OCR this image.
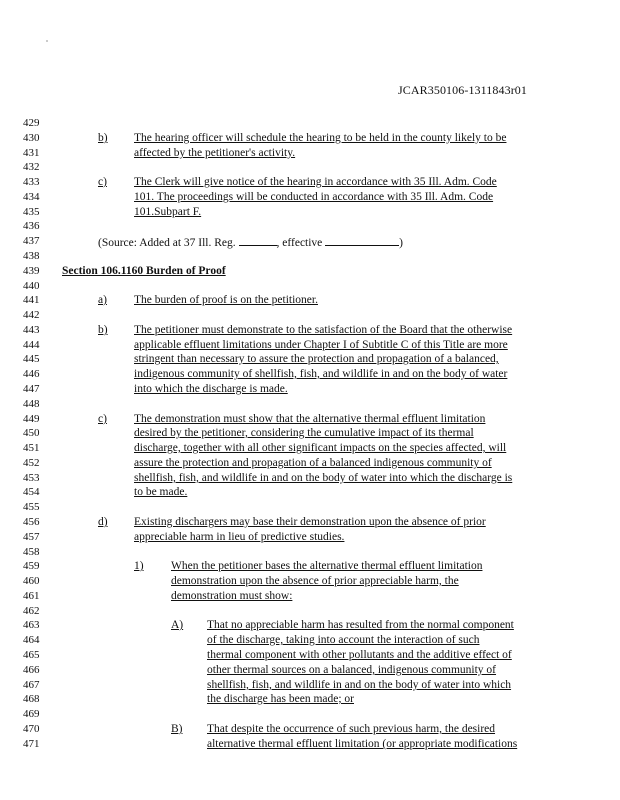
JCAR350106-1311843r01
429
430
431
432
433
434
435
436
437
438
439
440
441
442
443
444
445
446
447
448
449
450
451
452
453
454
455
456
457
458
459
460
461
462
463
464
465
466
467
468
469
470
471
b) The hearing officer will schedule the hearing to be held in the county likely to be
affected by the petitioner's activity.
c) The Clerk will give notice of the hearing in accordance with 35 Ill. Adm. Code
101. The proceedings will be conducted in accordance with 35 Ill. Adm. Code
101.Subpart F.
(Source: Added at 37 Ill. Reg.	, effective	)
Section 106.1160 Burden of Proof
a) The burden of proof is on the petitioner.
b) The petitioner must demonstrate to the satisfaction of the Board that the otherwise
applicable effluent limitations under Chapter I of Subtitle C of this Title are more
stringent than necessary to assure the protection and propagation of a balanced,
indigenous community of shellfish, fish, and wildlife in and on the body of water
into which the discharge is made.
c) The demonstration must show that the alternative thermal effluent limitation
desired by the petitioner, considering the cumulative impact of its thermal
discharge, together with all other significant impacts on the species affected, will
assure the protection and propagation of a balanced indigenous community of
shellfish, fish, and wildlife in and on the body of water into which the discharge is
to be made.
d) Existing dischargers may base their demonstration upon the absence of prior
appreciable harm in lieu of predictive studies.
1) When the petitioner bases the alternative thermal effluent limitation
demonstration upon the absence of prior appreciable harm, the
demonstration must show:
A) That no appreciable harm has resulted from the normal component
of the discharge, taking into account the interaction of such
thermal component with other pollutants and the additive effect of
other thermal sources on a balanced, indigenous community of
shellfish, fish, and wildlife in and on the body of water into which
the discharge has been made; or
B) That despite the occurrence of such previous harm, the desired
alternative thermal effluent limitation (or appropriate modifications
